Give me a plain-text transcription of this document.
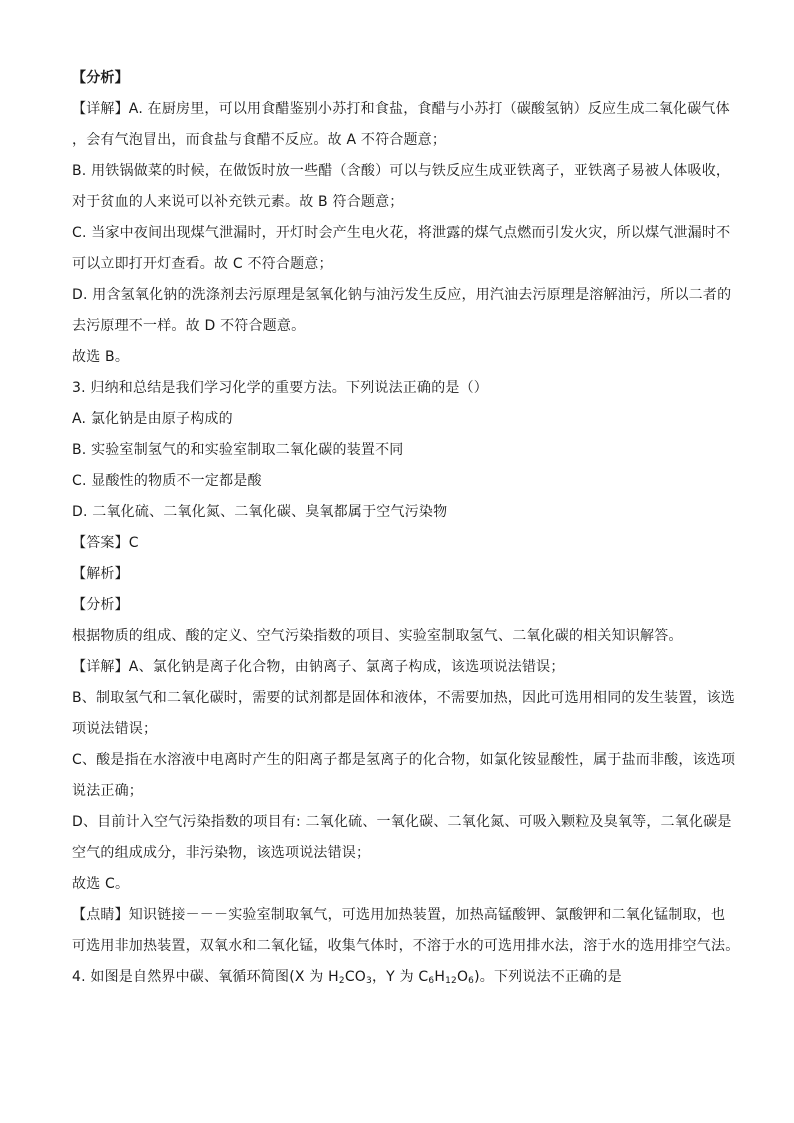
【分析】
【详解】A. 在厨房里，可以用食醋鉴别小苏打和食盐，食醋与小苏打（碳酸氢钠）反应生成二氧化碳气体
，会有气泡冒出，而食盐与食醋不反应。故 A 不符合题意；
B. 用铁锅做菜的时候，在做饭时放一些醋（含酸）可以与铁反应生成亚铁离子，亚铁离子易被人体吸收，
对于贫血的人来说可以补充铁元素。故 B 符合题意；
C. 当家中夜间出现煤气泄漏时，开灯时会产生电火花，将泄露的煤气点燃而引发火灾，所以煤气泄漏时不
可以立即打开灯查看。故 C 不符合题意；
D. 用含氢氧化钠的洗涤剂去污原理是氢氧化钠与油污发生反应，用汽油去污原理是溶解油污，所以二者的
去污原理不一样。故 D 不符合题意。
故选 B。
3. 归纳和总结是我们学习化学的重要方法。下列说法正确的是（）
A. 氯化钠是由原子构成的
B. 实验室制氢气的和实验室制取二氧化碳的装置不同
C. 显酸性的物质不一定都是酸
D. 二氧化硫、二氧化氮、二氧化碳、臭氧都属于空气污染物
【答案】C
【解析】
【分析】
根据物质的组成、酸的定义、空气污染指数的项目、实验室制取氢气、二氧化碳的相关知识解答。
【详解】A、氯化钠是离子化合物，由钠离子、氯离子构成，该选项说法错误；
B、制取氢气和二氧化碳时，需要的试剂都是固体和液体，不需要加热，因此可选用相同的发生装置，该选
项说法错误；
C、酸是指在水溶液中电离时产生的阳离子都是氢离子的化合物，如氯化铵显酸性，属于盐而非酸，该选项
说法正确；
D、目前计入空气污染指数的项目有: 二氧化硫、一氧化碳、二氧化氮、可吸入颗粒及臭氧等，二氧化碳是
空气的组成成分，非污染物，该选项说法错误；
故选 C。
【点睛】知识链接－－－实验室制取氧气，可选用加热装置，加热高锰酸钾、氯酸钾和二氧化锰制取，也
可选用非加热装置，双氧水和二氧化锰，收集气体时，不溶于水的可选用排水法，溶于水的选用排空气法。
4. 如图是自然界中碳、氧循环简图(X 为 $H_2CO_3$，Y 为 $C_6H_{12}O_6$)。下列说法不正确的是
